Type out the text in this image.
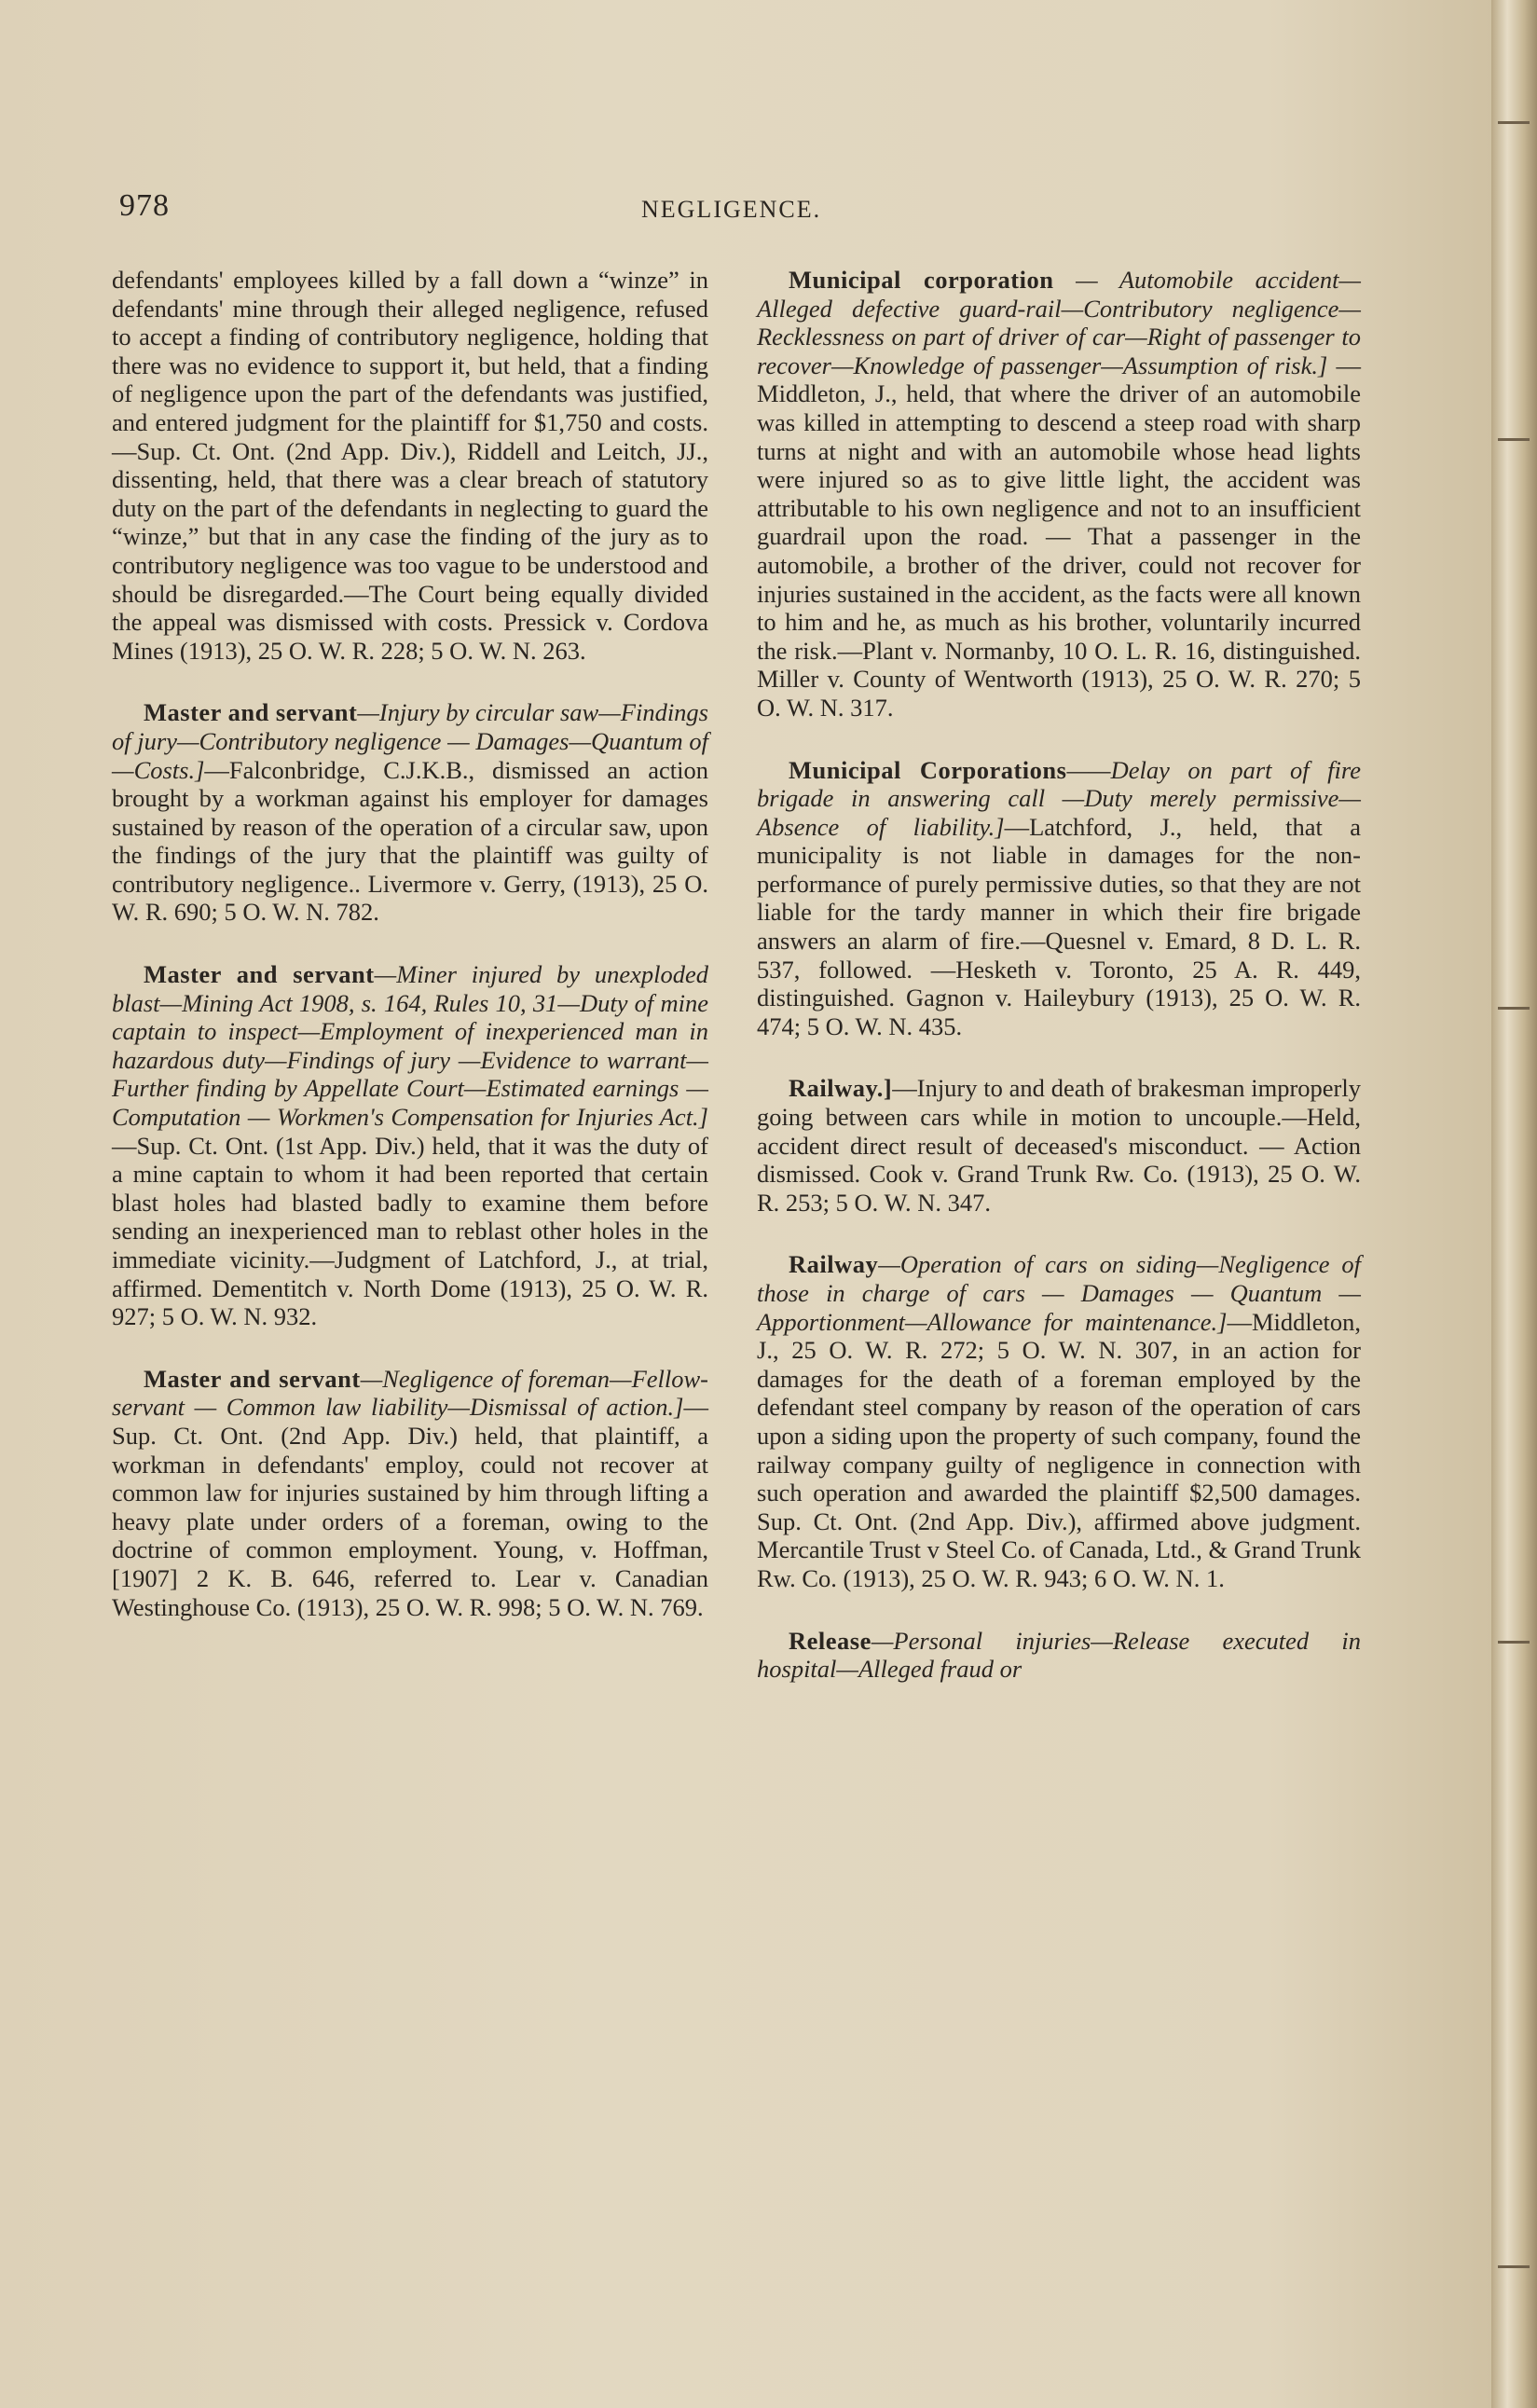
978	NEGLIGENCE.

defendants' employees killed by a fall down a “winze” in defendants' mine through their alleged negligence, refused to accept a finding of contributory negligence, holding that there was no evidence to support it, but held, that a finding of negligence upon the part of the defendants was justified, and entered judgment for the plaintiff for $1,750 and costs.—Sup. Ct. Ont. (2nd App. Div.), Riddell and Leitch, JJ., dissenting, held, that there was a clear breach of statutory duty on the part of the defendants in neglecting to guard the “winze,” but that in any case the finding of the jury as to contributory negligence was too vague to be understood and should be disregarded.—The Court being equally divided the appeal was dismissed with costs. Pressick v. Cordova Mines (1913), 25 O. W. R. 228; 5 O. W. N. 263.

Master and servant—Injury by circular saw—Findings of jury—Contributory negligence — Damages—Quantum of —Costs.]—Falconbridge, C.J.K.B., dismissed an action brought by a workman against his employer for damages sustained by reason of the operation of a circular saw, upon the findings of the jury that the plaintiff was guilty of contributory negligence.. Livermore v. Gerry, (1913), 25 O. W. R. 690; 5 O. W. N. 782.

Master and servant—Miner injured by unexploded blast—Mining Act 1908, s. 164, Rules 10, 31—Duty of mine captain to inspect—Employment of inexperienced man in hazardous duty—Findings of jury —Evidence to warrant—Further finding by Appellate Court—Estimated earnings —Computation — Workmen's Compensation for Injuries Act.]—Sup. Ct. Ont. (1st App. Div.) held, that it was the duty of a mine captain to whom it had been reported that certain blast holes had blasted badly to examine them before sending an inexperienced man to reblast other holes in the immediate vicinity.—Judgment of Latchford, J., at trial, affirmed. Dementitch v. North Dome (1913), 25 O. W. R. 927; 5 O. W. N. 932.

Master and servant—Negligence of foreman—Fellow-servant — Common law liability—Dismissal of action.]—Sup. Ct. Ont. (2nd App. Div.) held, that plaintiff, a workman in defendants' employ, could not recover at common law for injuries sustained by him through lifting a heavy plate under orders of a foreman, owing to the doctrine of common employment. Young, v. Hoffman, [1907] 2 K. B. 646, referred to. Lear v. Canadian Westinghouse Co. (1913), 25 O. W. R. 998; 5 O. W. N. 769.

Municipal corporation — Automobile accident—Alleged defective guard-rail—Contributory negligence—Recklessness on part of driver of car—Right of passenger to recover—Knowledge of passenger—Assumption of risk.] — Middleton, J., held, that where the driver of an automobile was killed in attempting to descend a steep road with sharp turns at night and with an automobile whose head lights were injured so as to give little light, the accident was attributable to his own negligence and not to an insufficient guardrail upon the road. — That a passenger in the automobile, a brother of the driver, could not recover for injuries sustained in the accident, as the facts were all known to him and he, as much as his brother, voluntarily incurred the risk.—Plant v. Normanby, 10 O. L. R. 16, distinguished. Miller v. County of Wentworth (1913), 25 O. W. R. 270; 5 O. W. N. 317.

Municipal Corporations——Delay on part of fire brigade in answering call —Duty merely permissive—Absence of liability.]—Latchford, J., held, that a municipality is not liable in damages for the non-performance of purely permissive duties, so that they are not liable for the tardy manner in which their fire brigade answers an alarm of fire.—Quesnel v. Emard, 8 D. L. R. 537, followed. —Hesketh v. Toronto, 25 A. R. 449, distinguished. Gagnon v. Haileybury (1913), 25 O. W. R. 474; 5 O. W. N. 435.

Railway.]—Injury to and death of brakesman improperly going between cars while in motion to uncouple.—Held, accident direct result of deceased's misconduct. — Action dismissed. Cook v. Grand Trunk Rw. Co. (1913), 25 O. W. R. 253; 5 O. W. N. 347.

Railway—Operation of cars on siding—Negligence of those in charge of cars — Damages — Quantum — Apportionment—Allowance for maintenance.]—Middleton, J., 25 O. W. R. 272; 5 O. W. N. 307, in an action for damages for the death of a foreman employed by the defendant steel company by reason of the operation of cars upon a siding upon the property of such company, found the railway company guilty of negligence in connection with such operation and awarded the plaintiff $2,500 damages. Sup. Ct. Ont. (2nd App. Div.), affirmed above judgment. Mercantile Trust v Steel Co. of Canada, Ltd., & Grand Trunk Rw. Co. (1913), 25 O. W. R. 943; 6 O. W. N. 1.

Release—Personal injuries—Release executed in hospital—Alleged fraud or
